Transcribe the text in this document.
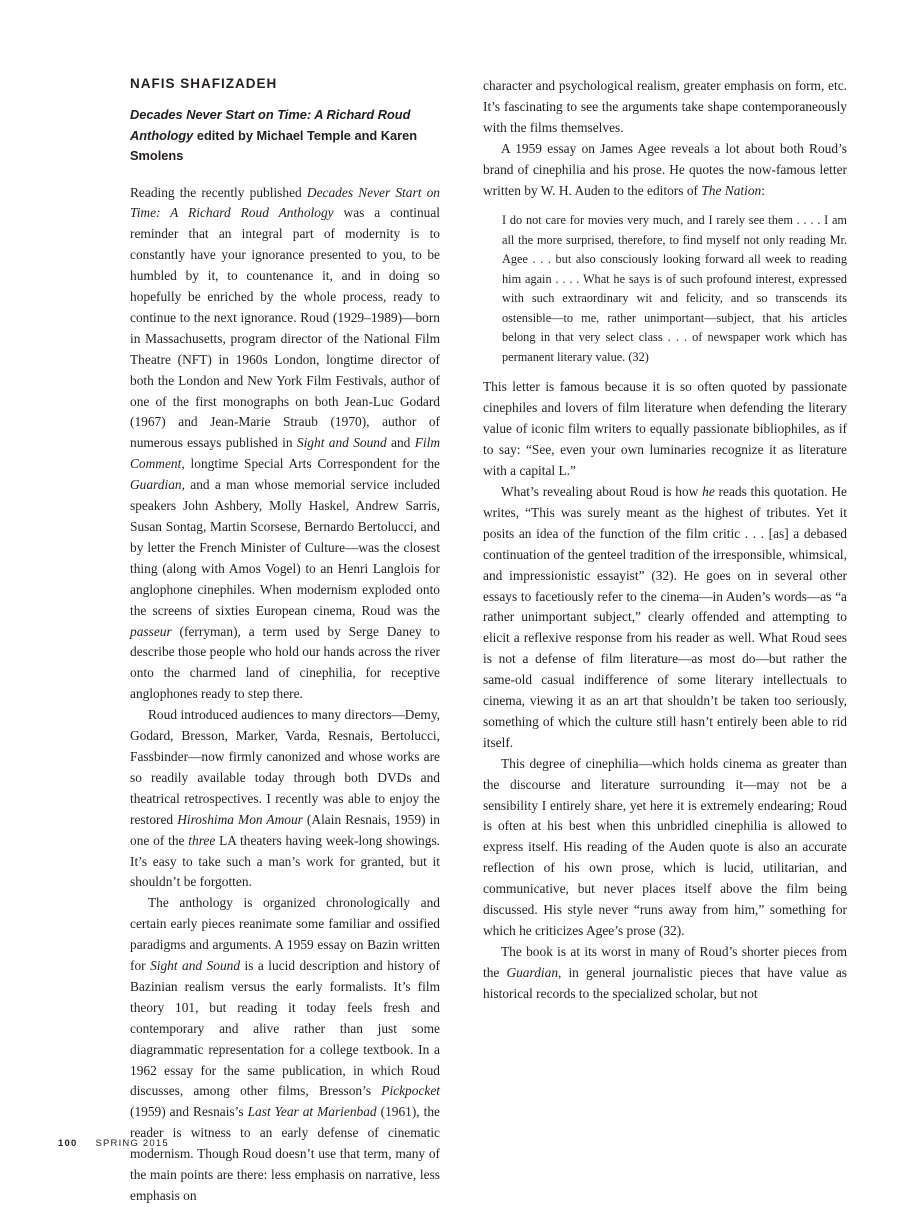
NAFIS SHAFIZADEH
Decades Never Start on Time: A Richard Roud Anthology edited by Michael Temple and Karen Smolens

Reading the recently published Decades Never Start on Time: A Richard Roud Anthology was a continual reminder that an integral part of modernity is to constantly have your ignorance presented to you, to be humbled by it, to countenance it, and in doing so hopefully be enriched by the whole process, ready to continue to the next ignorance. Roud (1929–1989)—born in Massachusetts, program director of the National Film Theatre (NFT) in 1960s London, longtime director of both the London and New York Film Festivals, author of one of the first monographs on both Jean-Luc Godard (1967) and Jean-Marie Straub (1970), author of numerous essays published in Sight and Sound and Film Comment, longtime Special Arts Correspondent for the Guardian, and a man whose memorial service included speakers John Ashbery, Molly Haskel, Andrew Sarris, Susan Sontag, Martin Scorsese, Bernardo Bertolucci, and by letter the French Minister of Culture—was the closest thing (along with Amos Vogel) to an Henri Langlois for anglophone cinephiles. When modernism exploded onto the screens of sixties European cinema, Roud was the passeur (ferryman), a term used by Serge Daney to describe those people who hold our hands across the river onto the charmed land of cinephilia, for receptive anglophones ready to step there.

Roud introduced audiences to many directors—Demy, Godard, Bresson, Marker, Varda, Resnais, Bertolucci, Fassbinder—now firmly canonized and whose works are so readily available today through both DVDs and theatrical retrospectives. I recently was able to enjoy the restored Hiroshima Mon Amour (Alain Resnais, 1959) in one of the three LA theaters having week-long showings. It’s easy to take such a man’s work for granted, but it shouldn’t be forgotten.

The anthology is organized chronologically and certain early pieces reanimate some familiar and ossified paradigms and arguments. A 1959 essay on Bazin written for Sight and Sound is a lucid description and history of Bazinian realism versus the early formalists. It’s film theory 101, but reading it today feels fresh and contemporary and alive rather than just some diagrammatic representation for a college textbook. In a 1962 essay for the same publication, in which Roud discusses, among other films, Bresson’s Pickpocket (1959) and Resnais’s Last Year at Marienbad (1961), the reader is witness to an early defense of cinematic modernism. Though Roud doesn’t use that term, many of the main points are there: less emphasis on narrative, less emphasis on

character and psychological realism, greater emphasis on form, etc. It’s fascinating to see the arguments take shape contemporaneously with the films themselves.

A 1959 essay on James Agee reveals a lot about both Roud’s brand of cinephilia and his prose. He quotes the now-famous letter written by W. H. Auden to the editors of The Nation:

I do not care for movies very much, and I rarely see them . . . . I am all the more surprised, therefore, to find myself not only reading Mr. Agee . . . but also consciously looking forward all week to reading him again . . . . What he says is of such profound interest, expressed with such extraordinary wit and felicity, and so transcends its ostensible—to me, rather unimportant—subject, that his articles belong in that very select class . . . of newspaper work which has permanent literary value. (32)

This letter is famous because it is so often quoted by passionate cinephiles and lovers of film literature when defending the literary value of iconic film writers to equally passionate bibliophiles, as if to say: “See, even your own luminaries recognize it as literature with a capital L.”

What’s revealing about Roud is how he reads this quotation. He writes, “This was surely meant as the highest of tributes. Yet it posits an idea of the function of the film critic . . . [as] a debased continuation of the genteel tradition of the irresponsible, whimsical, and impressionistic essayist” (32). He goes on in several other essays to facetiously refer to the cinema—in Auden’s words—as “a rather unimportant subject,” clearly offended and attempting to elicit a reflexive response from his reader as well. What Roud sees is not a defense of film literature—as most do—but rather the same-old casual indifference of some literary intellectuals to cinema, viewing it as an art that shouldn’t be taken too seriously, something of which the culture still hasn’t entirely been able to rid itself.

This degree of cinephilia—which holds cinema as greater than the discourse and literature surrounding it—may not be a sensibility I entirely share, yet here it is extremely endearing; Roud is often at his best when this unbridled cinephilia is allowed to express itself. His reading of the Auden quote is also an accurate reflection of his own prose, which is lucid, utilitarian, and communicative, but never places itself above the film being discussed. His style never “runs away from him,” something for which he criticizes Agee’s prose (32).

The book is at its worst in many of Roud’s shorter pieces from the Guardian, in general journalistic pieces that have value as historical records to the specialized scholar, but not

100 SPRING 2015
